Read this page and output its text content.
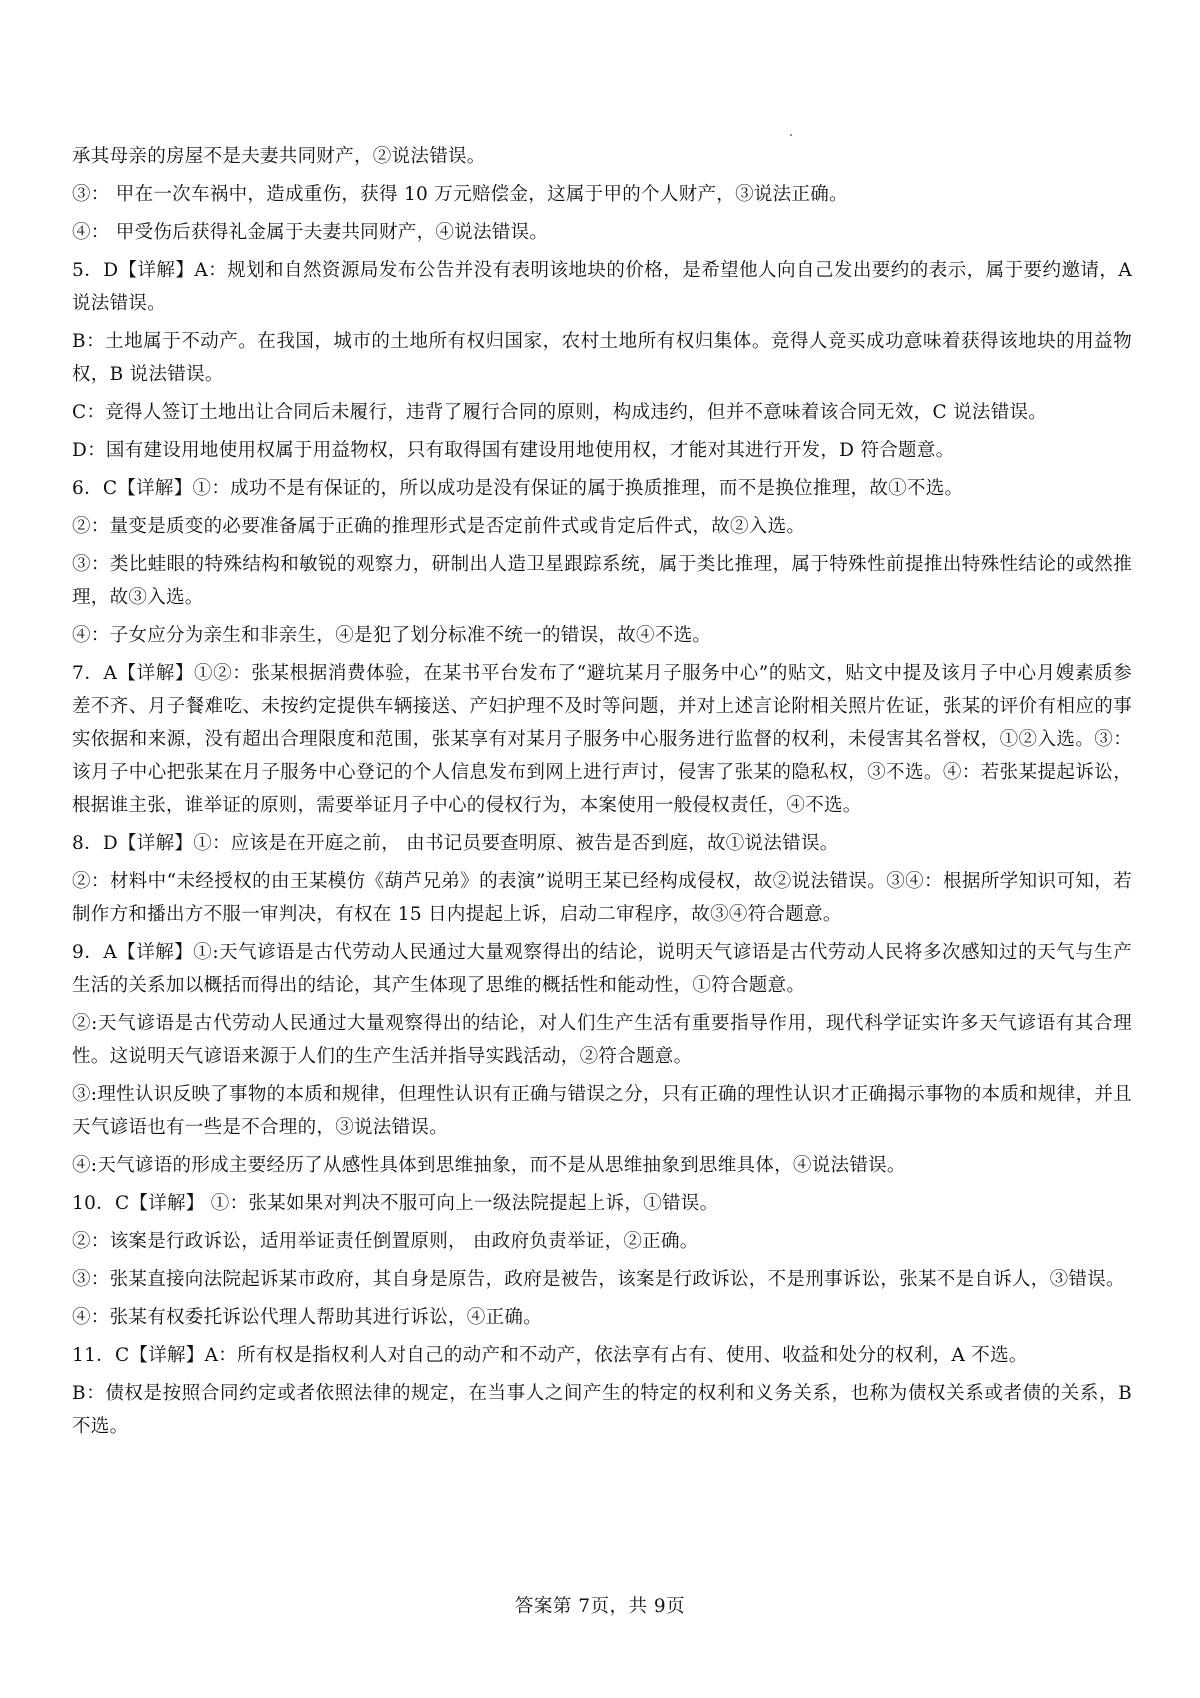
承其母亲的房屋不是夫妻共同财产，②说法错误。

③： 甲在一次车祸中，造成重伤，获得 10 万元赔偿金，这属于甲的个人财产，③说法正确。

④： 甲受伤后获得礼金属于夫妻共同财产，④说法错误。

5．D【详解】A：规划和自然资源局发布公告并没有表明该地块的价格，是希望他人向自己发出要约的表示，属于要约邀请，A 说法错误。

B：土地属于不动产。在我国，城市的土地所有权归国家，农村土地所有权归集体。竞得人竞买成功意味着获得该地块的用益物权，B 说法错误。

C：竞得人签订土地出让合同后未履行，违背了履行合同的原则，构成违约，但并不意味着该合同无效，C 说法错误。

D：国有建设用地使用权属于用益物权，只有取得国有建设用地使用权，才能对其进行开发，D 符合题意。

6．C【详解】①：成功不是有保证的，所以成功是没有保证的属于换质推理，而不是换位推理，故①不选。

②：量变是质变的必要准备属于正确的推理形式是否定前件式或肯定后件式，故②入选。

③：类比蛙眼的特殊结构和敏锐的观察力，研制出人造卫星跟踪系统，属于类比推理，属于特殊性前提推出特殊性结论的或然推理，故③入选。

④：子女应分为亲生和非亲生，④是犯了划分标准不统一的错误，故④不选。

7．A【详解】①②：张某根据消费体验，在某书平台发布了“避坑某月子服务中心”的贴文，贴文中提及该月子中心月嫂素质参差不齐、月子餐难吃、未按约定提供车辆接送、产妇护理不及时等问题，并对上述言论附相关照片佐证，张某的评价有相应的事实依据和来源，没有超出合理限度和范围，张某享有对某月子服务中心服务进行监督的权利，未侵害其名誉权，①②入选。③：该月子中心把张某在月子服务中心登记的个人信息发布到网上进行声讨，侵害了张某的隐私权，③不选。④：若张某提起诉讼，根据谁主张，谁举证的原则，需要举证月子中心的侵权行为，本案使用一般侵权责任，④不选。

8．D【详解】①：应该是在开庭之前， 由书记员要查明原、被告是否到庭，故①说法错误。

②：材料中“未经授权的由王某模仿《葫芦兄弟》的表演”说明王某已经构成侵权，故②说法错误。③④：根据所学知识可知，若制作方和播出方不服一审判决，有权在 15 日内提起上诉，启动二审程序，故③④符合题意。

9．A【详解】①:天气谚语是古代劳动人民通过大量观察得出的结论，说明天气谚语是古代劳动人民将多次感知过的天气与生产生活的关系加以概括而得出的结论，其产生体现了思维的概括性和能动性，①符合题意。

②:天气谚语是古代劳动人民通过大量观察得出的结论，对人们生产生活有重要指导作用，现代科学证实许多天气谚语有其合理性。这说明天气谚语来源于人们的生产生活并指导实践活动，②符合题意。

③:理性认识反映了事物的本质和规律，但理性认识有正确与错误之分，只有正确的理性认识才正确揭示事物的本质和规律，并且天气谚语也有一些是不合理的，③说法错误。

④:天气谚语的形成主要经历了从感性具体到思维抽象，而不是从思维抽象到思维具体，④说法错误。

10．C【详解】 ①：张某如果对判决不服可向上一级法院提起上诉，①错误。

②：该案是行政诉讼，适用举证责任倒置原则， 由政府负责举证，②正确。

③：张某直接向法院起诉某市政府，其自身是原告，政府是被告，该案是行政诉讼，不是刑事诉讼，张某不是自诉人，③错误。

④：张某有权委托诉讼代理人帮助其进行诉讼，④正确。

11．C【详解】A：所有权是指权利人对自己的动产和不动产，依法享有占有、使用、收益和处分的权利，A 不选。

B：债权是按照合同约定或者依照法律的规定，在当事人之间产生的特定的权利和义务关系，也称为债权关系或者债的关系，B 不选。

答案第 7页，共 9页
